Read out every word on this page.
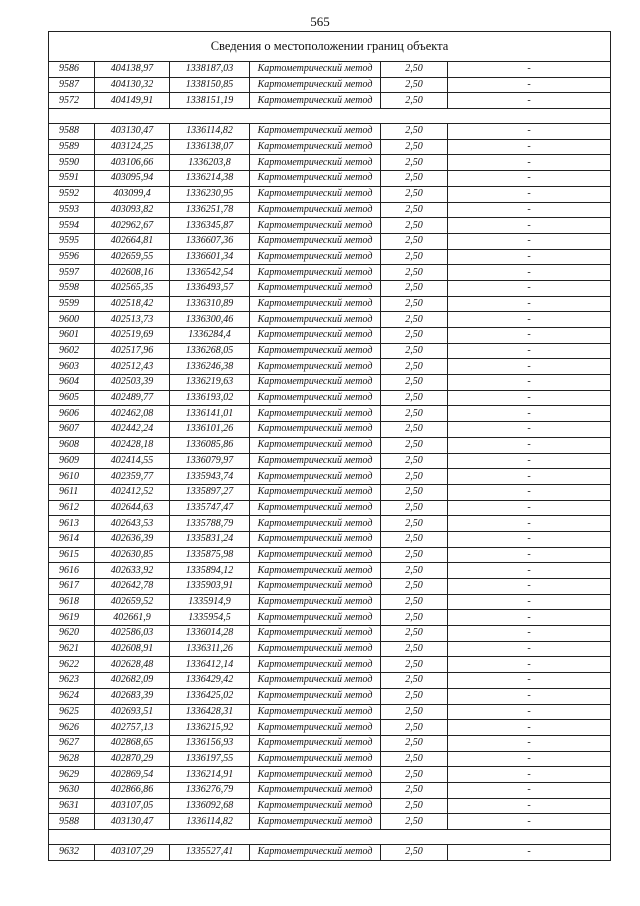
565
Сведения о местоположении границ объекта					
9586	404138,97	1338187,03	Картометрический метод	2,50	-
9587	404130,32	1338150,85	Картометрический метод	2,50	-
9572	404149,91	1338151,19	Картометрический метод	2,50	-

9588	403130,47	1336114,82	Картометрический метод	2,50	-
9589	403124,25	1336138,07	Картометрический метод	2,50	-
9590	403106,66	1336203,8	Картометрический метод	2,50	-
9591	403095,94	1336214,38	Картометрический метод	2,50	-
9592	403099,4	1336230,95	Картометрический метод	2,50	-
9593	403093,82	1336251,78	Картометрический метод	2,50	-
9594	402962,67	1336345,87	Картометрический метод	2,50	-
9595	402664,81	1336607,36	Картометрический метод	2,50	-
9596	402659,55	1336601,34	Картометрический метод	2,50	-
9597	402608,16	1336542,54	Картометрический метод	2,50	-
9598	402565,35	1336493,57	Картометрический метод	2,50	-
9599	402518,42	1336310,89	Картометрический метод	2,50	-
9600	402513,73	1336300,46	Картометрический метод	2,50	-
9601	402519,69	1336284,4	Картометрический метод	2,50	-
9602	402517,96	1336268,05	Картометрический метод	2,50	-
9603	402512,43	1336246,38	Картометрический метод	2,50	-
9604	402503,39	1336219,63	Картометрический метод	2,50	-
9605	402489,77	1336193,02	Картометрический метод	2,50	-
9606	402462,08	1336141,01	Картометрический метод	2,50	-
9607	402442,24	1336101,26	Картометрический метод	2,50	-
9608	402428,18	1336085,86	Картометрический метод	2,50	-
9609	402414,55	1336079,97	Картометрический метод	2,50	-
9610	402359,77	1335943,74	Картометрический метод	2,50	-
9611	402412,52	1335897,27	Картометрический метод	2,50	-
9612	402644,63	1335747,47	Картометрический метод	2,50	-
9613	402643,53	1335788,79	Картометрический метод	2,50	-
9614	402636,39	1335831,24	Картометрический метод	2,50	-
9615	402630,85	1335875,98	Картометрический метод	2,50	-
9616	402633,92	1335894,12	Картометрический метод	2,50	-
9617	402642,78	1335903,91	Картометрический метод	2,50	-
9618	402659,52	1335914,9	Картометрический метод	2,50	-
9619	402661,9	1335954,5	Картометрический метод	2,50	-
9620	402586,03	1336014,28	Картометрический метод	2,50	-
9621	402608,91	1336311,26	Картометрический метод	2,50	-
9622	402628,48	1336412,14	Картометрический метод	2,50	-
9623	402682,09	1336429,42	Картометрический метод	2,50	-
9624	402683,39	1336425,02	Картометрический метод	2,50	-
9625	402693,51	1336428,31	Картометрический метод	2,50	-
9626	402757,13	1336215,92	Картометрический метод	2,50	-
9627	402868,65	1336156,93	Картометрический метод	2,50	-
9628	402870,29	1336197,55	Картометрический метод	2,50	-
9629	402869,54	1336214,91	Картометрический метод	2,50	-
9630	402866,86	1336276,79	Картометрический метод	2,50	-
9631	403107,05	1336092,68	Картометрический метод	2,50	-
9588	403130,47	1336114,82	Картометрический метод	2,50	-

9632	403107,29	1335527,41	Картометрический метод	2,50	-
